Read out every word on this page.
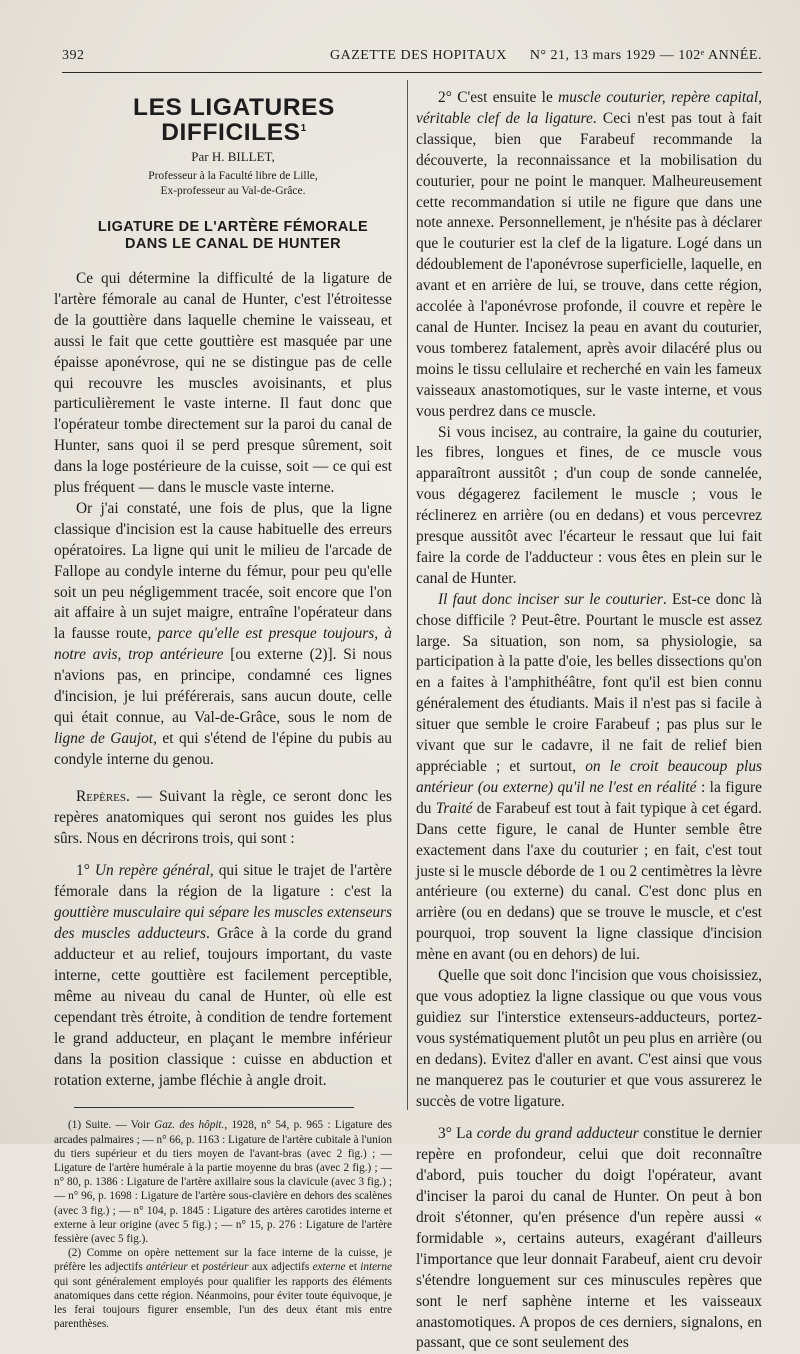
392	GAZETTE DES HOPITAUX N° 21, 13 mars 1929 — 102ᵉ ANNÉE.
LES LIGATURES DIFFICILES$^1$
Par H. BILLET,
Professeur à la Faculté libre de Lille,
Ex-professeur au Val-de-Grâce.
LIGATURE DE L'ARTÈRE FÉMORALE
DANS LE CANAL DE HUNTER

Ce qui détermine la difficulté de la ligature de l'artère fémorale au canal de Hunter, c'est l'étroitesse de la gouttière dans laquelle chemine le vaisseau, et aussi le fait que cette gouttière est masquée par une épaisse aponévrose, qui ne se distingue pas de celle qui recouvre les muscles avoisinants, et plus particulièrement le vaste interne. Il faut donc que l'opérateur tombe directement sur la paroi du canal de Hunter, sans quoi il se perd presque sûrement, soit dans la loge postérieure de la cuisse, soit — ce qui est plus fréquent — dans le muscle vaste interne.

Or j'ai constaté, une fois de plus, que la ligne classique d'incision est la cause habituelle des erreurs opératoires. La ligne qui unit le milieu de l'arcade de Fallope au condyle interne du fémur, pour peu qu'elle soit un peu négligemment tracée, soit encore que l'on ait affaire à un sujet maigre, entraîne l'opérateur dans la fausse route, parce qu'elle est presque toujours, à notre avis, trop antérieure [ou externe (2)]. Si nous n'avions pas, en principe, condamné ces lignes d'incision, je lui préférerais, sans aucun doute, celle qui était connue, au Val-de-Grâce, sous le nom de ligne de Gaujot, et qui s'étend de l'épine du pubis au condyle interne du genou.

Repères. — Suivant la règle, ce seront donc les repères anatomiques qui seront nos guides les plus sûrs. Nous en décrirons trois, qui sont :

1° Un repère général, qui situe le trajet de l'artère fémorale dans la région de la ligature : c'est la gouttière musculaire qui sépare les muscles extenseurs des muscles adducteurs. Grâce à la corde du grand adducteur et au relief, toujours important, du vaste interne, cette gouttière est facilement perceptible, même au niveau du canal de Hunter, où elle est cependant très étroite, à condition de tendre fortement le grand adducteur, en plaçant le membre inférieur dans la position classique : cuisse en abduction et rotation externe, jambe fléchie à angle droit.

(1) Suite. — Voir Gaz. des hôpit., 1928, n° 54, p. 965 : Ligature des arcades palmaires ; — n° 66, p. 1163 : Ligature de l'artère cubitale à l'union du tiers supérieur et du tiers moyen de l'avant-bras (avec 2 fig.) ; — Ligature de l'artère humérale à la partie moyenne du bras (avec 2 fig.) ; — n° 80, p. 1386 : Ligature de l'artère axillaire sous la clavicule (avec 3 fig.) ; — n° 96, p. 1698 : Ligature de l'artère sous-clavière en dehors des scalènes (avec 3 fig.) ; — n° 104, p. 1845 : Ligature des artères carotides interne et externe à leur origine (avec 5 fig.) ; — n° 15, p. 276 : Ligature de l'artère fessière (avec 5 fig.).

(2) Comme on opère nettement sur la face interne de la cuisse, je préfère les adjectifs antérieur et postérieur aux adjectifs externe et interne qui sont généralement employés pour qualifier les rapports des éléments anatomiques dans cette région. Néanmoins, pour éviter toute équivoque, je les ferai toujours figurer ensemble, l'un des deux étant mis entre parenthèses.

2° C'est ensuite le muscle couturier, repère capital, véritable clef de la ligature. Ceci n'est pas tout à fait classique, bien que Farabeuf recommande la découverte, la reconnaissance et la mobilisation du couturier, pour ne point le manquer. Malheureusement cette recommandation si utile ne figure que dans une note annexe. Personnellement, je n'hésite pas à déclarer que le couturier est la clef de la ligature. Logé dans un dédoublement de l'aponévrose superficielle, laquelle, en avant et en arrière de lui, se trouve, dans cette région, accolée à l'aponévrose profonde, il couvre et repère le canal de Hunter. Incisez la peau en avant du couturier, vous tomberez fatalement, après avoir dilacéré plus ou moins le tissu cellulaire et recherché en vain les fameux vaisseaux anastomotiques, sur le vaste interne, et vous vous perdrez dans ce muscle.

Si vous incisez, au contraire, la gaine du couturier, les fibres, longues et fines, de ce muscle vous apparaîtront aussitôt ; d'un coup de sonde cannelée, vous dégagerez facilement le muscle ; vous le réclinerez en arrière (ou en dedans) et vous percevrez presque aussitôt avec l'écarteur le ressaut que lui fait faire la corde de l'adducteur : vous êtes en plein sur le canal de Hunter.

Il faut donc inciser sur le couturier. Est-ce donc là chose difficile ? Peut-être. Pourtant le muscle est assez large. Sa situation, son nom, sa physiologie, sa participation à la patte d'oie, les belles dissections qu'on en a faites à l'amphithéâtre, font qu'il est bien connu généralement des étudiants. Mais il n'est pas si facile à situer que semble le croire Farabeuf ; pas plus sur le vivant que sur le cadavre, il ne fait de relief bien appréciable ; et surtout, on le croit beaucoup plus antérieur (ou externe) qu'il ne l'est en réalité : la figure du Traité de Farabeuf est tout à fait typique à cet égard. Dans cette figure, le canal de Hunter semble être exactement dans l'axe du couturier ; en fait, c'est tout juste si le muscle déborde de 1 ou 2 centimètres la lèvre antérieure (ou externe) du canal. C'est donc plus en arrière (ou en dedans) que se trouve le muscle, et c'est pourquoi, trop souvent la ligne classique d'incision mène en avant (ou en dehors) de lui.

Quelle que soit donc l'incision que vous choisissiez, que vous adoptiez la ligne classique ou que vous vous guidiez sur l'interstice extenseurs-adducteurs, portez-vous systématiquement plutôt un peu plus en arrière (ou en dedans). Evitez d'aller en avant. C'est ainsi que vous ne manquerez pas le couturier et que vous assurerez le succès de votre ligature.

3° La corde du grand adducteur constitue le dernier repère en profondeur, celui que doit reconnaître d'abord, puis toucher du doigt l'opérateur, avant d'inciser la paroi du canal de Hunter. On peut à bon droit s'étonner, qu'en présence d'un repère aussi « formidable », certains auteurs, exagérant d'ailleurs l'importance que leur donnait Farabeuf, aient cru devoir s'étendre longuement sur ces minuscules repères que sont le nerf saphène interne et les vaisseaux anastomotiques. A propos de ces derniers, signalons, en passant, que ce sont seulement des
